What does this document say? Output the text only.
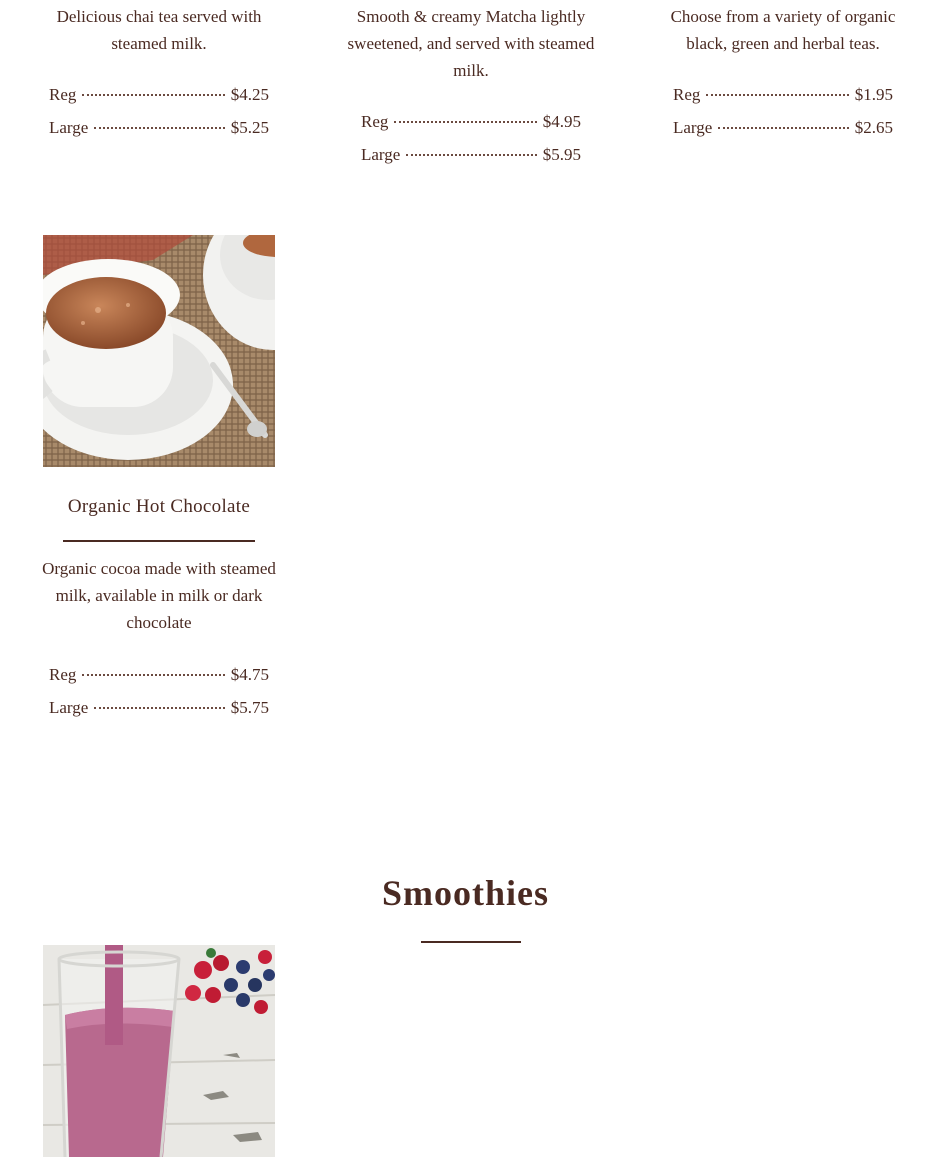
Delicious chai tea served with steamed milk.

Reg	$4.25
Large	$5.25

Smooth & creamy Matcha lightly sweetened, and served with steamed milk.

Reg	$4.95
Large	$5.95

Choose from a variety of organic black, green and herbal teas.

Reg	$1.95
Large	$2.65
Organic Hot Chocolate

Organic cocoa made with steamed milk, available in milk or dark chocolate

Reg	$4.75
Large	$5.75
Smoothies
